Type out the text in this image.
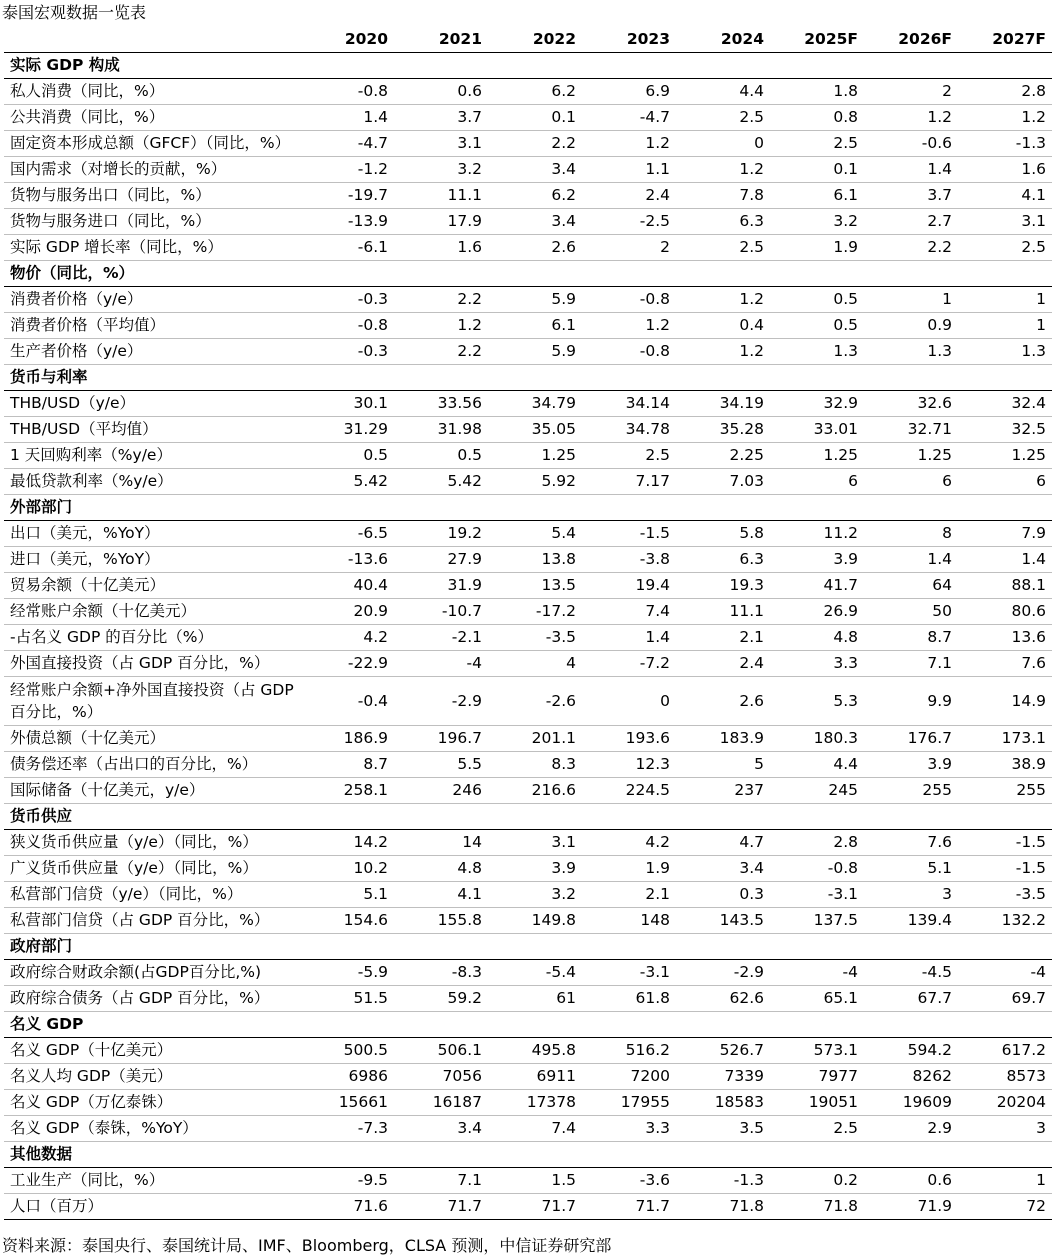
泰国宏观数据一览表
	2020	2021	2022	2023	2024	2025F	2026F	2027F
实际 GDP 构成								
私人消费（同比，%）	-0.8	0.6	6.2	6.9	4.4	1.8	2	2.8
公共消费（同比，%）	1.4	3.7	0.1	-4.7	2.5	0.8	1.2	1.2
固定资本形成总额（GFCF）（同比，%）	-4.7	3.1	2.2	1.2	0	2.5	-0.6	-1.3
国内需求（对增长的贡献，%）	-1.2	3.2	3.4	1.1	1.2	0.1	1.4	1.6
货物与服务出口（同比，%）	-19.7	11.1	6.2	2.4	7.8	6.1	3.7	4.1
货物与服务进口（同比，%）	-13.9	17.9	3.4	-2.5	6.3	3.2	2.7	3.1
实际 GDP 增长率（同比，%）	-6.1	1.6	2.6	2	2.5	1.9	2.2	2.5
物价（同比，%）								
消费者价格（y/e）	-0.3	2.2	5.9	-0.8	1.2	0.5	1	1
消费者价格（平均值）	-0.8	1.2	6.1	1.2	0.4	0.5	0.9	1
生产者价格（y/e）	-0.3	2.2	5.9	-0.8	1.2	1.3	1.3	1.3
货币与利率								
THB/USD（y/e）	30.1	33.56	34.79	34.14	34.19	32.9	32.6	32.4
THB/USD（平均值）	31.29	31.98	35.05	34.78	35.28	33.01	32.71	32.5
1 天回购利率（%y/e）	0.5	0.5	1.25	2.5	2.25	1.25	1.25	1.25
最低贷款利率（%y/e）	5.42	5.42	5.92	7.17	7.03	6	6	6
外部部门								
出口（美元，%YoY）	-6.5	19.2	5.4	-1.5	5.8	11.2	8	7.9
进口（美元，%YoY）	-13.6	27.9	13.8	-3.8	6.3	3.9	1.4	1.4
贸易余额（十亿美元）	40.4	31.9	13.5	19.4	19.3	41.7	64	88.1
经常账户余额（十亿美元）	20.9	-10.7	-17.2	7.4	11.1	26.9	50	80.6
-占名义 GDP 的百分比（%）	4.2	-2.1	-3.5	1.4	2.1	4.8	8.7	13.6
外国直接投资（占 GDP 百分比，%）	-22.9	-4	4	-7.2	2.4	3.3	7.1	7.6
经常账户余额+净外国直接投资（占 GDP 百分比，%）	-0.4	-2.9	-2.6	0	2.6	5.3	9.9	14.9
外债总额（十亿美元）	186.9	196.7	201.1	193.6	183.9	180.3	176.7	173.1
债务偿还率（占出口的百分比，%）	8.7	5.5	8.3	12.3	5	4.4	3.9	38.9
国际储备（十亿美元，y/e）	258.1	246	216.6	224.5	237	245	255	255
货币供应								
狭义货币供应量（y/e）（同比，%）	14.2	14	3.1	4.2	4.7	2.8	7.6	-1.5
广义货币供应量（y/e）（同比，%）	10.2	4.8	3.9	1.9	3.4	-0.8	5.1	-1.5
私营部门信贷（y/e）（同比，%）	5.1	4.1	3.2	2.1	0.3	-3.1	3	-3.5
私营部门信贷（占 GDP 百分比，%）	154.6	155.8	149.8	148	143.5	137.5	139.4	132.2
政府部门								
政府综合财政余额(占GDP百分比,%)	-5.9	-8.3	-5.4	-3.1	-2.9	-4	-4.5	-4
政府综合债务（占 GDP 百分比，%）	51.5	59.2	61	61.8	62.6	65.1	67.7	69.7
名义 GDP								
名义 GDP（十亿美元）	500.5	506.1	495.8	516.2	526.7	573.1	594.2	617.2
名义人均 GDP（美元）	6986	7056	6911	7200	7339	7977	8262	8573
名义 GDP（万亿泰铢）	15661	16187	17378	17955	18583	19051	19609	20204
名义 GDP（泰铢，%YoY）	-7.3	3.4	7.4	3.3	3.5	2.5	2.9	3
其他数据								
工业生产（同比，%）	-9.5	7.1	1.5	-3.6	-1.3	0.2	0.6	1
人口（百万）	71.6	71.7	71.7	71.7	71.8	71.8	71.9	72
资料来源：泰国央行、泰国统计局、IMF、Bloomberg，CLSA 预测，中信证券研究部
